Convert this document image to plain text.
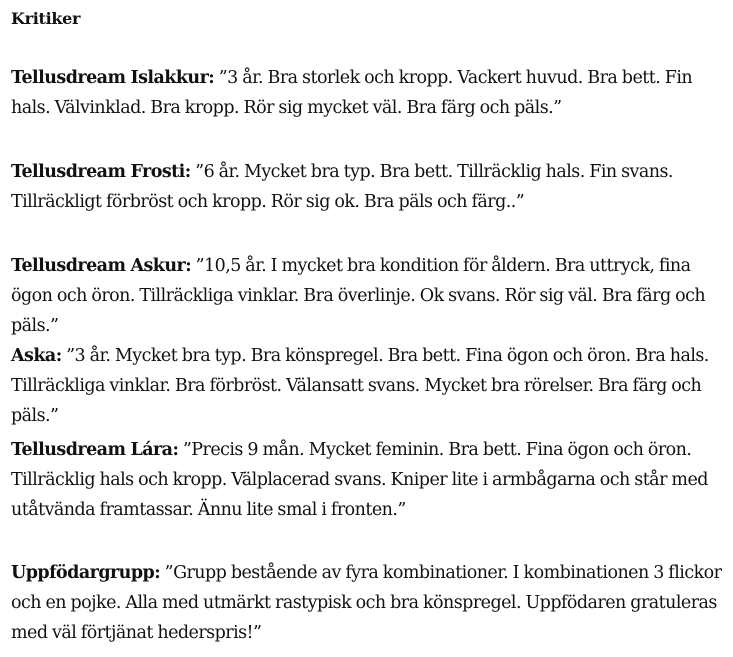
Kritiker

Tellusdream Islakkur: ”3 år. Bra storlek och kropp. Vackert huvud. Bra bett. Fin hals. Välvinklad. Bra kropp. Rör sig mycket väl. Bra färg och päls.”

Tellusdream Frosti: ”6 år. Mycket bra typ. Bra bett. Tillräcklig hals. Fin svans. Tillräckligt förbröst och kropp. Rör sig ok. Bra päls och färg..”

Tellusdream Askur: ”10,5 år. I mycket bra kondition för åldern. Bra uttryck, fina ögon och öron. Tillräckliga vinklar. Bra överlinje. Ok svans. Rör sig väl. Bra färg och päls.”

Aska: ”3 år. Mycket bra typ. Bra könspregel. Bra bett. Fina ögon och öron. Bra hals. Tillräckliga vinklar. Bra förbröst. Välansatt svans. Mycket bra rörelser. Bra färg och päls.”

Tellusdream Lára: ”Precis 9 mån. Mycket feminin. Bra bett. Fina ögon och öron. Tillräcklig hals och kropp. Välplacerad svans. Kniper lite i armbågarna och står med utåtvända framtassar. Ännu lite smal i fronten.”

Uppfödargrupp: ”Grupp bestående av fyra kombinationer. I kombinationen 3 flickor och en pojke. Alla med utmärkt rastypisk och bra könspregel. Uppfödaren gratuleras med väl förtjänat hederspris!”
